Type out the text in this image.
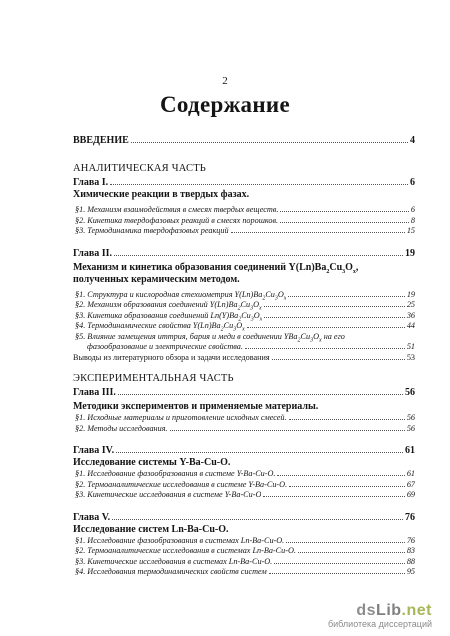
2
Содержание
ВВЕДЕНИЕ	4
АНАЛИТИЧЕСКАЯ ЧАСТЬ
Глава I.	6
Химические реакции в твердых фазах.
§1. Механизм взаимодействия в смесях твердых веществ.	6
§2. Кинетика твердофазовых реакций в смесях порошков.	8
§3. Термодинамика твердофазовых реакций	15
Глава II.	19
Механизм и кинетика образования соединений $Y(Ln)Ba_2Cu_3O_x$,
полученных керамическим методом.
§1. Структура и кислородная стехиометрия $Y(Ln)Ba_2Cu_3O_x$	19
§2. Механизм образования соединений $Y(Ln)Ba_2Cu_3O_x$	25
§3. Кинетика образования соединений $Ln(Y)Ba_2Cu_3O_x$	36
§4. Термодинамические свойства $Y(Ln)Ba_2Cu_3O_x$	44
§5. Влияние замещения иттрия, бария и меди в соединении $YBa_2Cu_3O_x$ на его
фазообразование и электрические свойства.	51
Выводы из литературного обзора и задачи исследования	53
ЭКСПЕРИМЕНТАЛЬНАЯ ЧАСТЬ
Глава III.	56
Методики экспериментов и применяемые материалы.
§1. Исходные материалы и приготовление исходных смесей.	56
§2. Методы исследования.	56
Глава IV.	61
Исследование системы Y-Ba-Cu-O.
§1. Исследование фазообразования в системе Y-Ba-Cu-O.	61
§2. Термоаналитические исследования в системе Y-Ba-Cu-O.	67
§3. Кинетические исследования в системе Y-Ba-Cu-O	69
Глава V.	76
Исследование систем Ln-Ba-Cu-O.
§1. Исследование фазообразования в системах Ln-Ba-Cu-O.	76
§2. Термоаналитические исследования в системах Ln-Ba-Cu-O.	83
§3. Кинетические исследования в системах Ln-Ba-Cu-O.	88
§4. Исследования термодинамических свойств систем	95
dsLib.net
библиотека диссертаций
